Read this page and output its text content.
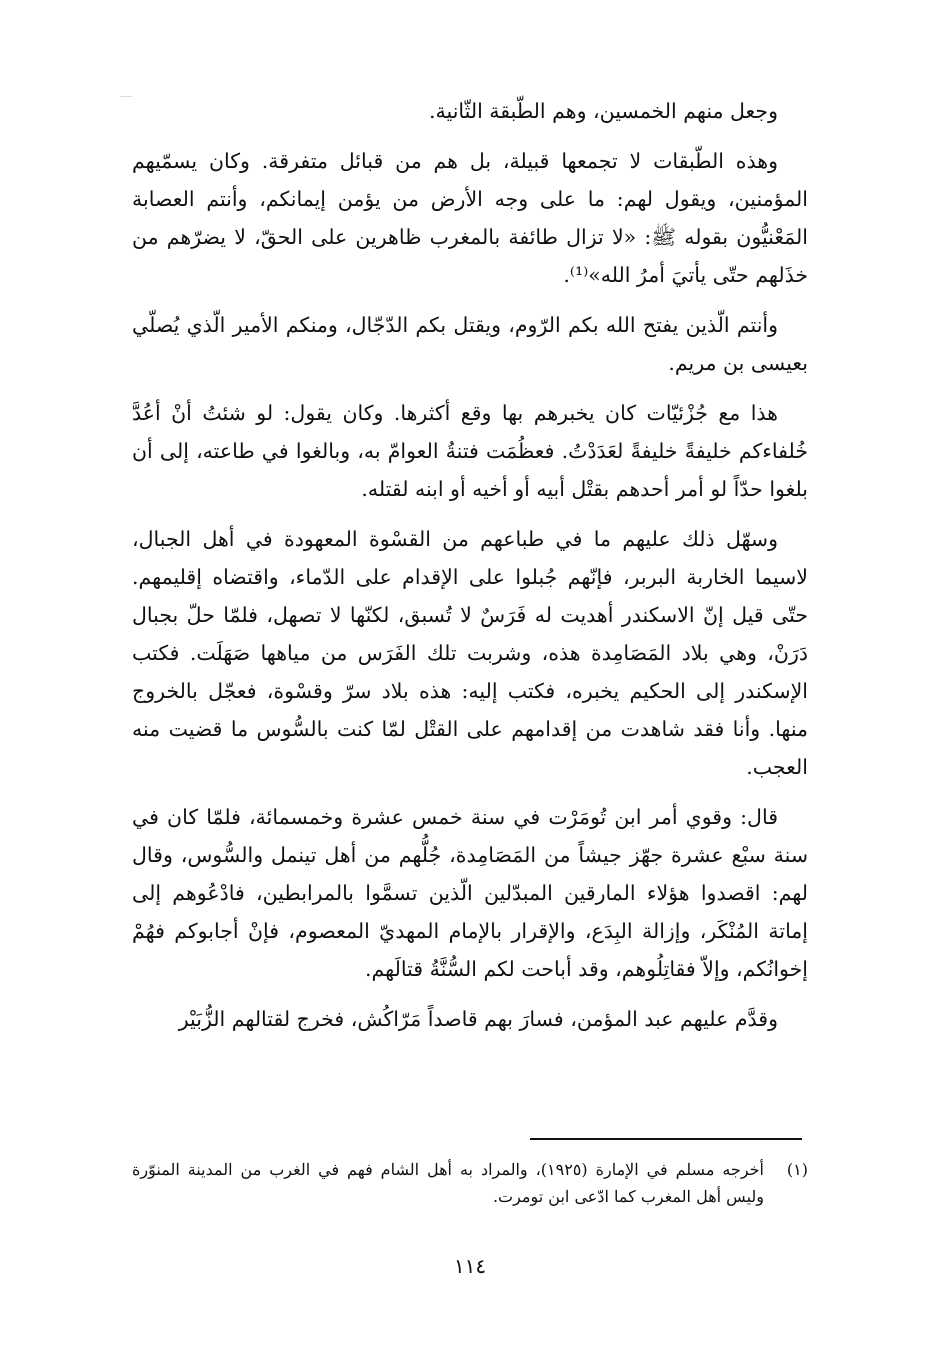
وجعل منهم الخمسين، وهم الطّبقة الثّانية.

وهذه الطّبقات لا تجمعها قبيلة، بل هم من قبائل متفرقة. وكان يسمّيهم المؤمنين، ويقول لهم: ما على وجه الأرض من يؤمن إيمانكم، وأنتم العصابة المَعْنيُّون بقوله ﷺ: «لا تزال طائفة بالمغرب ظاهرين على الحقّ، لا يضرّهم من خذَلهم حتّى يأتيَ أمرُ الله»⁽¹⁾.

وأنتم الّذين يفتح الله بكم الرّوم، ويقتل بكم الدّجّال، ومنكم الأمير الّذي يُصلّي بعيسى بن مريم.

هذا مع جُزْئيّات كان يخبرهم بها وقع أكثرها. وكان يقول: لو شئتُ أنْ أعُدَّ خُلفاءكم خليفةً خليفةً لعَدَدْتُ. فعظُمَت فتنةُ العوامّ به، وبالغوا في طاعته، إلى أن بلغوا حدّاً لو أمر أحدهم بقتْل أبيه أو أخيه أو ابنه لقتله.

وسهّل ذلك عليهم ما في طباعهم من القسْوة المعهودة في أهل الجبال، لاسيما الخاربة البربر، فإنّهم جُبلوا على الإقدام على الدّماء، واقتضاه إقليمهم. حتّى قيل إنّ الاسكندر أهديت له فَرَسٌ لا تُسبق، لكنّها لا تصهل، فلمّا حلّ بجبال دَرَنْ، وهي بلاد المَصَامِدة هذه، وشربت تلك الفَرَس من مياهها صَهَلَت. فكتب الإسكندر إلى الحكيم يخبره، فكتب إليه: هذه بلاد سرّ وقسْوة، فعجّل بالخروج منها. وأنا فقد شاهدت من إقدامهم على القتْل لمّا كنت بالسُّوس ما قضيت منه العجب.

قال: وقوي أمر ابن تُومَرْت في سنة خمس عشرة وخمسمائة، فلمّا كان في سنة سبْع عشرة جهّز جيشاً من المَصَامِدة، جُلُّهم من أهل تينمل والسُّوس، وقال لهم: اقصدوا هؤلاء المارقين المبدّلين الّذين تسمَّوا بالمرابطين، فادْعُوهم إلى إماتة المُنْكَر، وإزالة البِدَع، والإقرار بالإمام المهديّ المعصوم، فإنْ أجابوكم فهُمْ إخوانُكم، وإلاّ فقاتِلُوهم، وقد أباحت لكم السُّنَّةُ قتالَهم.

وقدَّم عليهم عبد المؤمن، فسارَ بهم قاصداً مَرّاكُش، فخرج لقتالهم الزُّبَيْر

(١)
أخرجه مسلم في الإمارة (١٩٢٥)، والمراد به أهل الشام فهم في الغرب من المدينة المنوّرة وليس أهل المغرب كما ادّعى ابن تومرت.
١١٤
